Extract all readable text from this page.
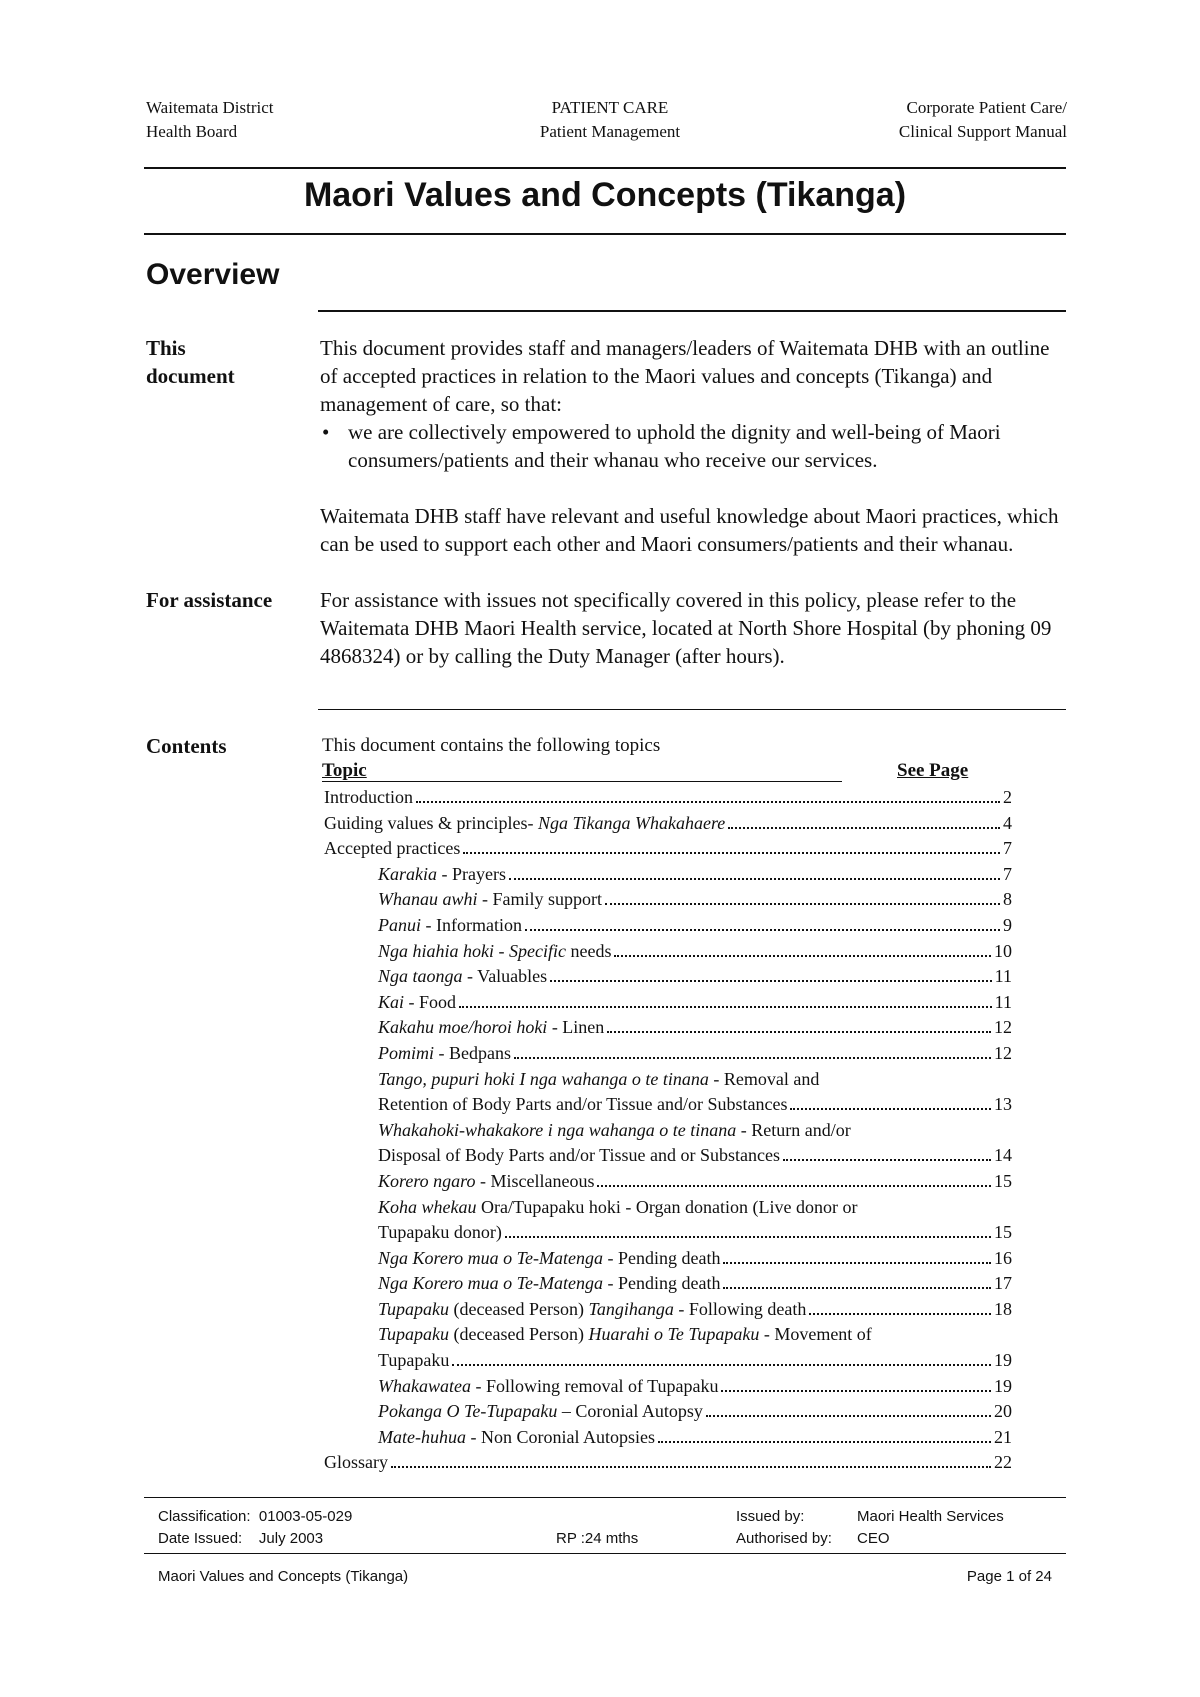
Waitemata District
Health Board
PATIENT CARE
Patient Management
Corporate Patient Care/
Clinical Support Manual
Maori Values and Concepts (Tikanga)
Overview
This
document

This document provides staff and managers/leaders of Waitemata DHB with an outline of accepted practices in relation to the Maori values and concepts (Tikanga) and management of care, so that:

• we are collectively empowered to uphold the dignity and well-being of Maori consumers/patients and their whanau who receive our services.

Waitemata DHB staff have relevant and useful knowledge about Maori practices, which can be used to support each other and Maori consumers/patients and their whanau.

For assistance For assistance with issues not specifically covered in this policy, please refer to the Waitemata DHB Maori Health service, located at North Shore Hospital (by phoning 09 4868324) or by calling the Duty Manager (after hours).

Contents	This document contains the following topics
Topic	See Page
Introduction	2
Guiding values & principles- Nga Tikanga Whakahaere	4
Accepted practices	7
Karakia - Prayers	7
Whanau awhi - Family support	8
Panui - Information	9
Nga hiahia hoki - Specific needs	10
Nga taonga - Valuables	11
Kai - Food	11
Kakahu moe/horoi hoki - Linen	12
Pomimi - Bedpans	12
Tango, pupuri hoki I nga wahanga o te tinana - Removal and
Retention of Body Parts and/or Tissue and/or Substances	13
Whakahoki-whakakore i nga wahanga o te tinana - Return and/or
Disposal of Body Parts and/or Tissue and or Substances	14
Korero ngaro - Miscellaneous	15
Koha whekau Ora/Tupapaku hoki - Organ donation (Live donor or
Tupapaku donor)	15
Nga Korero mua o Te-Matenga - Pending death	16
Nga Korero mua o Te-Matenga - Pending death	17
Tupapaku (deceased Person) Tangihanga - Following death	18
Tupapaku (deceased Person) Huarahi o Te Tupapaku - Movement of
Tupapaku	19
Whakawatea - Following removal of Tupapaku	19
Pokanga O Te-Tupapaku – Coronial Autopsy	20
Mate-huhua - Non Coronial Autopsies	21
Glossary	22
Classification: 01003-05-029
Date Issued: July 2003	RP :24 mths
Issued by:
Authorised by:
Maori Health Services
CEO
Maori Values and Concepts (Tikanga)	Page 1 of 24
